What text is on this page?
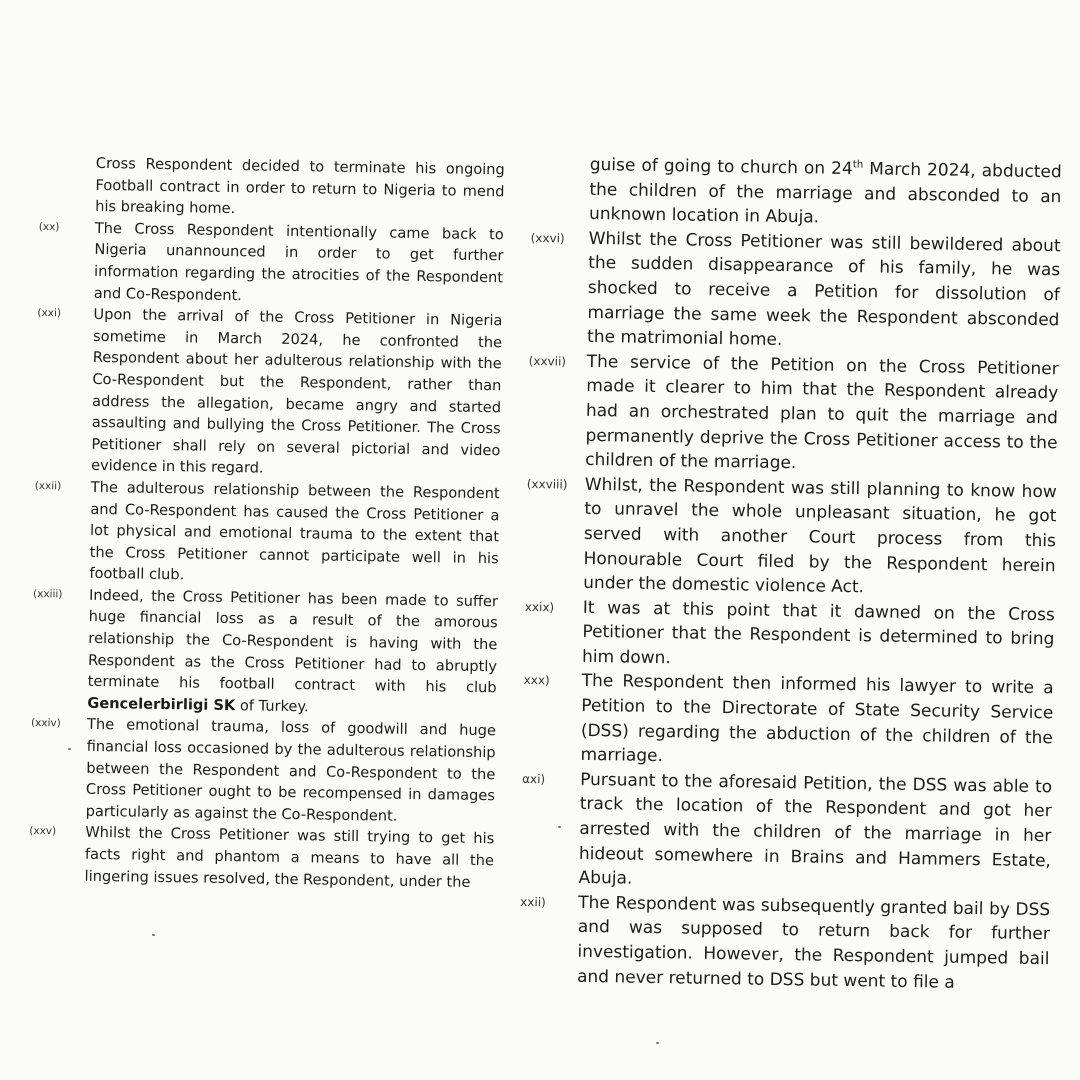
Cross Respondent decided to terminate his ongoing Football contract in order to return to Nigeria to mend his breaking home.

(xx)	The Cross Respondent intentionally came back to Nigeria unannounced in order to get further information regarding the atrocities of the Respondent and Co-Respondent.

(xxi)	Upon the arrival of the Cross Petitioner in Nigeria sometime in March 2024, he confronted the Respondent about her adulterous relationship with the Co-Respondent but the Respondent, rather than address the allegation, became angry and started assaulting and bullying the Cross Petitioner. The Cross Petitioner shall rely on several pictorial and video evidence in this regard.

(xxii)	The adulterous relationship between the Respondent and Co-Respondent has caused the Cross Petitioner a lot physical and emotional trauma to the extent that the Cross Petitioner cannot participate well in his football club.

(xxiii)	Indeed, the Cross Petitioner has been made to suffer huge financial loss as a result of the amorous relationship the Co-Respondent is having with the Respondent as the Cross Petitioner had to abruptly terminate his football contract with his club Gencelerbirligi SK of Turkey.

(xxiv)	The emotional trauma, loss of goodwill and huge financial loss occasioned by the adulterous relationship between the Respondent and Co-Respondent to the Cross Petitioner ought to be recompensed in damages particularly as against the Co-Respondent.

(xxv)	Whilst the Cross Petitioner was still trying to get his facts right and phantom a means to have all the lingering issues resolved, the Respondent, under the

guise of going to church on 24th March 2024, abducted the children of the marriage and absconded to an unknown location in Abuja.

(xxvi)	Whilst the Cross Petitioner was still bewildered about the sudden disappearance of his family, he was shocked to receive a Petition for dissolution of marriage the same week the Respondent absconded the matrimonial home.

(xxvii)	The service of the Petition on the Cross Petitioner made it clearer to him that the Respondent already had an orchestrated plan to quit the marriage and permanently deprive the Cross Petitioner access to the children of the marriage.

(xxviii)	Whilst, the Respondent was still planning to know how to unravel the whole unpleasant situation, he got served with another Court process from this Honourable Court filed by the Respondent herein under the domestic violence Act.

xxix)	It was at this point that it dawned on the Cross Petitioner that the Respondent is determined to bring him down.

xxx)	The Respondent then informed his lawyer to write a Petition to the Directorate of State Security Service (DSS) regarding the abduction of the children of the marriage.

αxi)	Pursuant to the aforesaid Petition, the DSS was able to track the location of the Respondent and got her arrested with the children of the marriage in her hideout somewhere in Brains and Hammers Estate, Abuja.

xxii)	The Respondent was subsequently granted bail by DSS and was supposed to return back for further investigation. However, the Respondent jumped bail and never returned to DSS but went to file a
